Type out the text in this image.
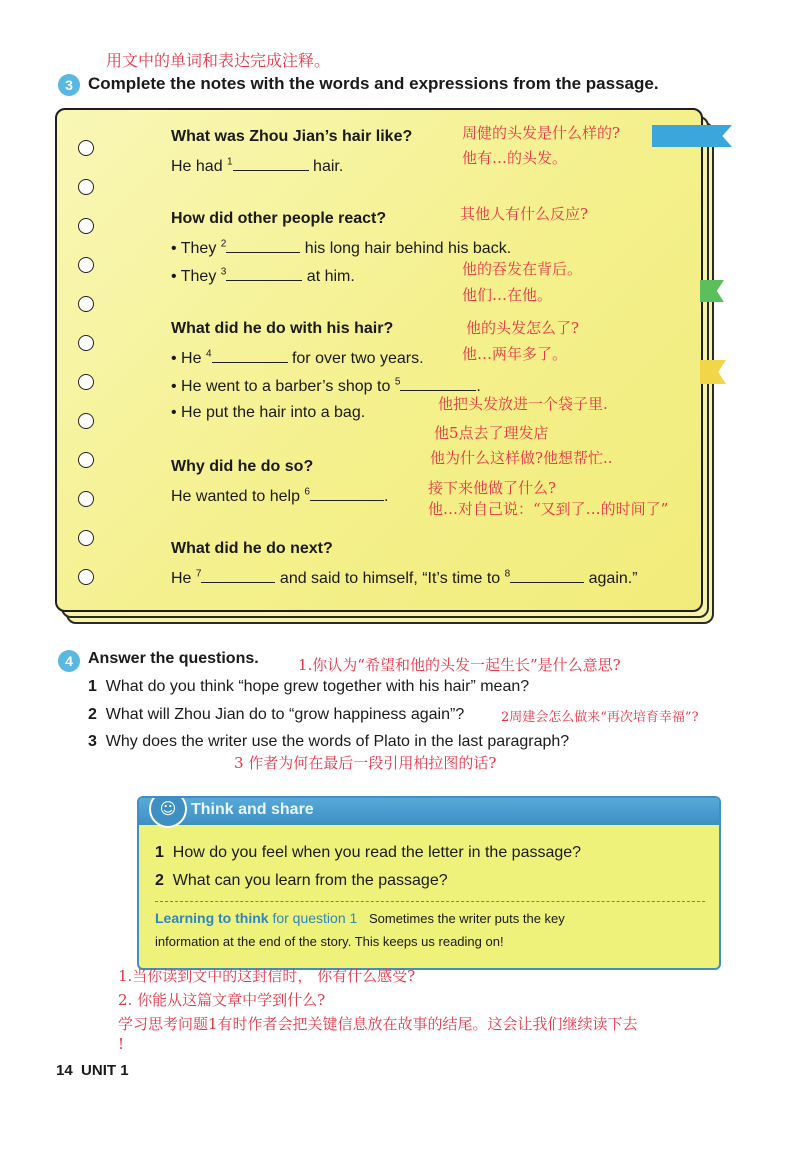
用文中的单词和表达完成注释。
3 Complete the notes with the words and expressions from the passage.
What was Zhou Jian’s hair like?
He had $^1$	hair.
How did other people react?
• They $^2$	his long hair behind his back.
• They $^3$	at him.
What did he do with his hair?
• He $^4$	for over two years.
• He went to a barber’s shop to $^5$	.
• He put the hair into a bag.
Why did he do so?
He wanted to help $^6$	.
What did he do next?
He $^7$	and said to himself, “It’s time to $^8$	again.”
周健的头发是什么样的?
他有…的头发。
其他人有什么反应?
他的吞发在背后。
他们…在他。
他的头发怎么了?
他…两年多了。
他把头发放进一个袋子里.
他5点去了理发店
他为什么这样做?他想帮忙..
接下来他做了什么?
他…对自己说：“又到了…的时间了”
4 Answer the questions.	1.你认为“希望和他的头发一起生长”是什么意思?
1 What do you think “hope grew together with his hair” mean?
2 What will Zhou Jian do to “grow happiness again”?	2周建会怎么做来“再次培育幸福”?
3 Why does the writer use the words of Plato in the last paragraph?
3 作者为何在最后一段引用柏拉图的话?
☺ Think and share
1 How do you feel when you read the letter in the passage?
2 What can you learn from the passage?
Learning to think for question 1 Sometimes the writer puts the key
information at the end of the story. This keeps us reading on!
1.当你读到文中的这封信时， 你有什么感受?
2. 你能从这篇文章中学到什么?
学习思考问题1有时作者会把关键信息放在故事的结尾。这会让我们继续读下去
!
14 UNIT 1
